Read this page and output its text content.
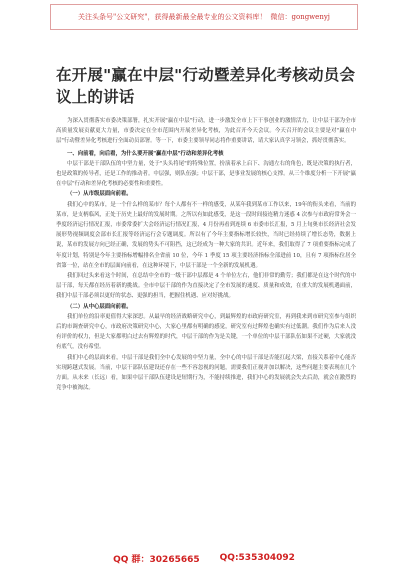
关注头条号"公文研究"，获得最新最全最专业的公文资料库！ 微信：gongwenyj
在开展"赢在中层"行动暨差异化考核动员会议上的讲话

为深入贯彻落实市委决策部署，扎实开展"赢在中层"行动，进一步激发全市上下干事创业的激情活力，让中层干部为全市高质量发展贡献更大力量，市委决定在全市范围内开展差异化考核，为此召开今天会议。今天召开的会议主要是对"赢在中层"行动暨差异化考核进行全面动员部署。等一下，市委主要领导同志将作重要讲话，请大家认真学习领会，抓好贯彻落实。

一、向前看，向后看，为什么要开展"赢在中层"行动和差异化考核

中层干部是干部队伍的中坚力量，处于"头头将尾"的特殊位置，扮演着承上启下、沟通左右的角色，既是决策的执行者，也是政策的传导者，还是工作的推动者。中层强，则队伍强；中层干部，是事业发展的核心支撑。从三个维度分析一下开展"赢在中层"行动和差异化考核的必要性和重要性。

（一）从市级层面向前看。

我们心中的某市，是一个什么样的某市？每个人都有不一样的感受，从某年我到某市工作以来，19年的衔头来看，当前的某市，是支柄临风，正处于历史上最好的发展时期。之所以有如此感受，是这一段时间接连精力迷惑 4 次参与市政府常务会一季度经济运行情况汇报，市委常委扩大会经济运行情况汇报，4 月份再看到连续 6 市委市长汇报，5 月上旬奥市长经济社会发展形势视频调度会部市长汇报等经济运行会专题调度。所以有了今年主要指标增长较快，当时已经持续了增长态势，数据上说，某市的发展方向已经正确，发展的势头不可阻挡，这已经成为一种大家的共识。近年来，我们取得了 7 项重要指标完成了年度计划，特别是今年主要指标增幅排名全省前 10 位，今年 1 季度 15 项主要经济指标全部进前 10，且有 7 项指标位居全省第一位，站在全市的层面向前看，在这种环境下，中层干部是一个全新的发展机遇。

我们回过头来看这个时间，在总结中全市的一级干部中层都是 4 个单位左右，他们非常的勤劳；我们都是在这个时代的中层干部，每天都在经历着新的挑战。全市中层干部的作为直接决定了全市发展的速度、质量和成效，在重大的发展机遇面前，我们中层干部必须以更好的状态、更强的担当，把握住机遇、应对好挑战。

（二）从中心层面向前看。

我们单位的沿率更值得大家深思。从最早的经济战略研究中心，到最辉煌的市政府研究室，再到我来到市研究室参与组织后的市调查研究中心，市政府决策研究中心，大家心里都有明确的感觉，研究室有过辉煌也确实有过低潮。我们作为后来人没有评价的权力，但是大家都明白过去有辉煌的时代，中层干部的作为是关键，一个单位的中层干部队伍如果不过硬，大家就没有底气，没有希望。

我们中心的层面来看，中层干部是我们全中心发展的中坚力量，全中心的中层干部是否能扛起大梁，直接关系着中心能否实现跨越式发展。当前，中层干部队伍建设还存在一些不容忽视的问题，需要我们正视并加以解决，这些问题主要表现在几个方面。从未来（长远）看，如果中层干部队伍建设是短期行为，不能持续推进，我们中心的发展就会失去后劲，就会在激烈的竞争中被淘汰。

QQ 群：30265665 QQ:535304092
